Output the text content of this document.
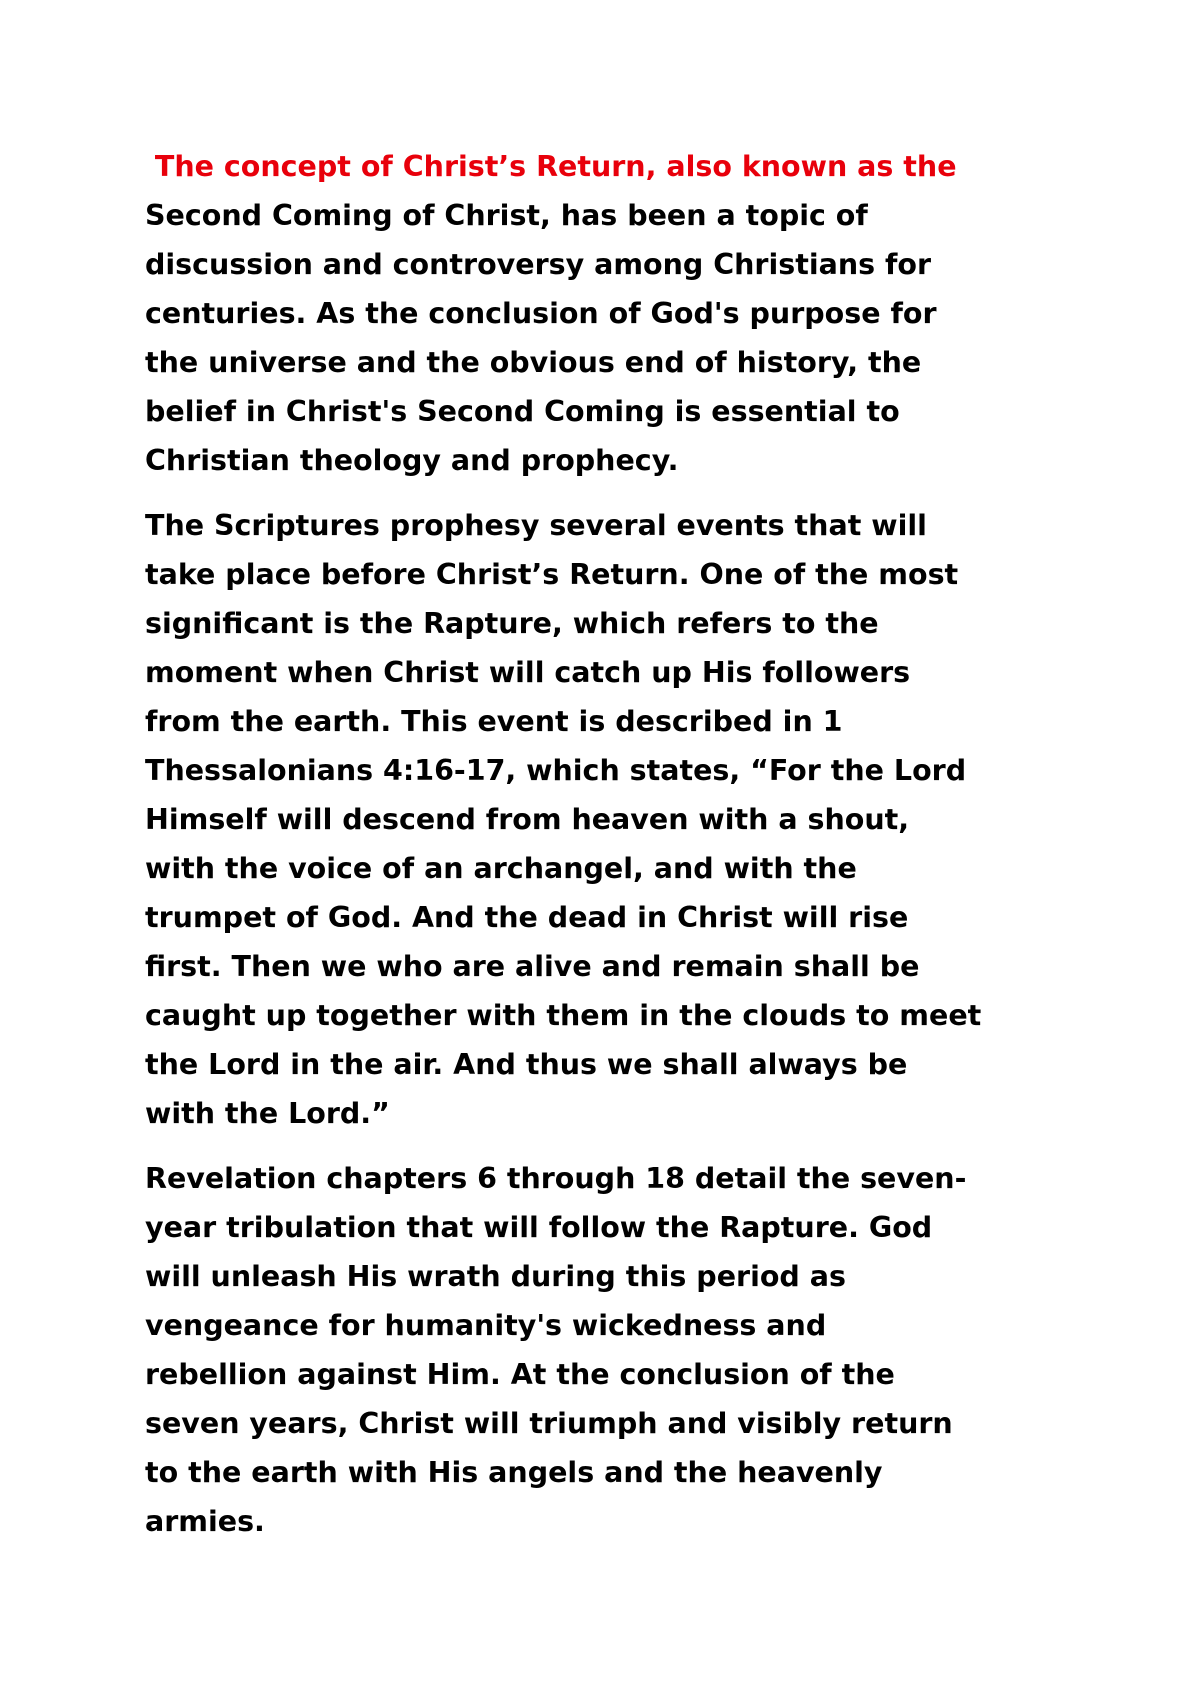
The concept of Christ’s Return, also known as the
Second Coming of Christ, has been a topic of
discussion and controversy among Christians for
centuries. As the conclusion of God's purpose for
the universe and the obvious end of history, the
belief in Christ's Second Coming is essential to
Christian theology and prophecy.

The Scriptures prophesy several events that will
take place before Christ’s Return. One of the most
significant is the Rapture, which refers to the
moment when Christ will catch up His followers
from the earth. This event is described in 1
Thessalonians 4:16-17, which states, “For the Lord
Himself will descend from heaven with a shout,
with the voice of an archangel, and with the
trumpet of God. And the dead in Christ will rise
first. Then we who are alive and remain shall be
caught up together with them in the clouds to meet
the Lord in the air. And thus we shall always be
with the Lord.”

Revelation chapters 6 through 18 detail the seven-
year tribulation that will follow the Rapture. God
will unleash His wrath during this period as
vengeance for humanity's wickedness and
rebellion against Him. At the conclusion of the
seven years, Christ will triumph and visibly return
to the earth with His angels and the heavenly
armies.
